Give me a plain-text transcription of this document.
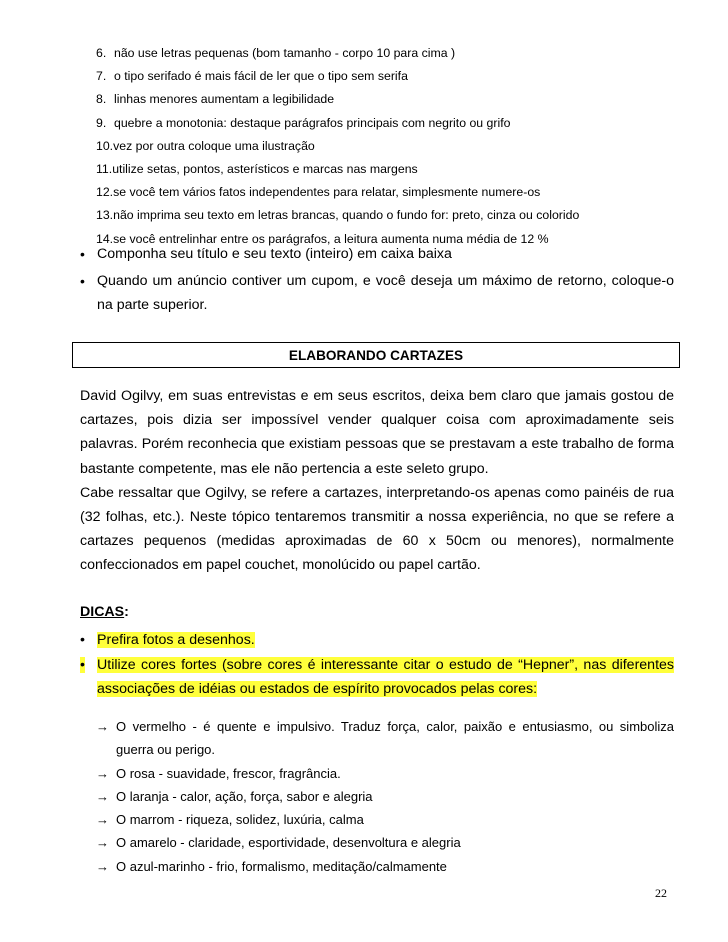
6. não use letras pequenas (bom tamanho - corpo 10 para cima )
7. o tipo serifado é mais fácil de ler que o tipo sem serifa
8. linhas menores aumentam a legibilidade
9. quebre a monotonia: destaque parágrafos principais com negrito ou grifo
10. vez por outra coloque uma ilustração
11. utilize setas, pontos, asterísticos e marcas nas margens
12. se você tem vários fatos independentes para relatar, simplesmente numere-os
13. não imprima seu texto em letras brancas, quando o fundo for: preto, cinza ou colorido
14. se você entrelinhar entre os parágrafos, a leitura aumenta numa média de 12 %
• Componha seu título e seu texto (inteiro) em caixa baixa
• Quando um anúncio contiver um cupom, e você deseja um máximo de retorno, coloque-o na parte superior.
ELABORANDO CARTAZES

David Ogilvy, em suas entrevistas e em seus escritos, deixa bem claro que jamais gostou de cartazes, pois dizia ser impossível vender qualquer coisa com aproximadamente seis palavras. Porém reconhecia que existiam pessoas que se prestavam a este trabalho de forma bastante competente, mas ele não pertencia a este seleto grupo.

Cabe ressaltar que Ogilvy, se refere a cartazes, interpretando-os apenas como painéis de rua (32 folhas, etc.). Neste tópico tentaremos transmitir a nossa experiência, no que se refere a cartazes pequenos (medidas aproximadas de 60 x 50cm ou menores), normalmente confeccionados em papel couchet, monolúcido ou papel cartão.

DICAS:
• Prefira fotos a desenhos.
• Utilize cores fortes (sobre cores é interessante citar o estudo de “Hepner”, nas diferentes associações de idéias ou estados de espírito provocados pelas cores:
→ O vermelho - é quente e impulsivo. Traduz força, calor, paixão e entusiasmo, ou simboliza guerra ou perigo.
→ O rosa - suavidade, frescor, fragrância.
→ O laranja - calor, ação, força, sabor e alegria
→ O marrom - riqueza, solidez, luxúria, calma
→ O amarelo - claridade, esportividade, desenvoltura e alegria
→ O azul-marinho - frio, formalismo, meditação/calmamente
22
